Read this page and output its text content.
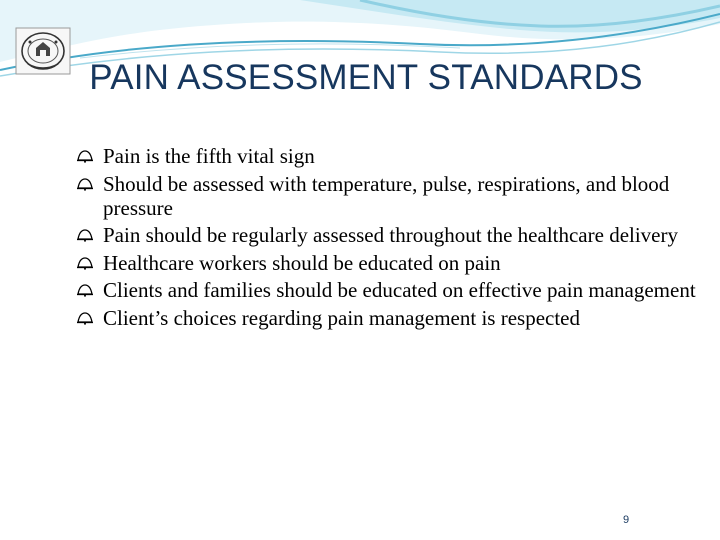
PAIN ASSESSMENT STANDARDS
Pain is the fifth vital sign
Should be assessed with temperature, pulse, respirations, and blood pressure
Pain should be regularly assessed throughout the healthcare delivery
Healthcare workers should be educated on pain
Clients and families should be educated on effective pain management
Client’s choices regarding pain management is respected
9
